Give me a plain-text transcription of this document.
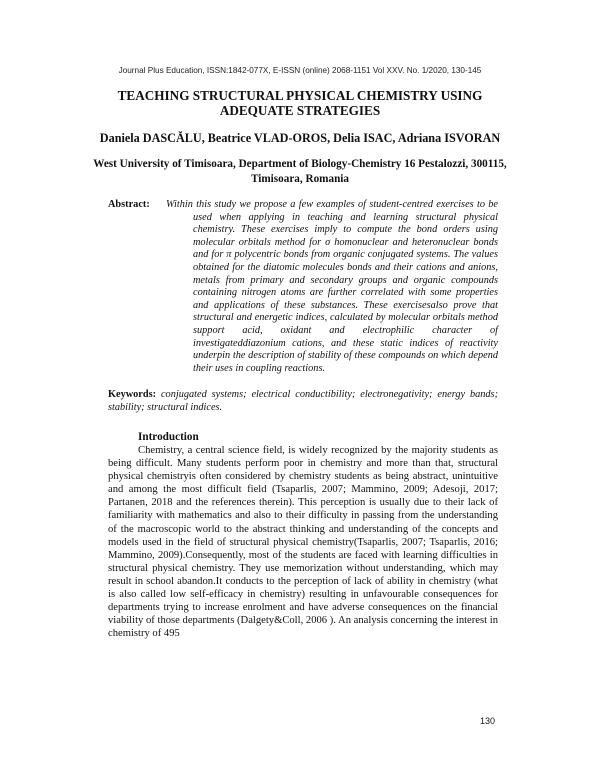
Journal Plus Education, ISSN:1842-077X, E-ISSN (online) 2068-1151 Vol XXV. No. 1/2020, 130-145
TEACHING STRUCTURAL PHYSICAL CHEMISTRY USING ADEQUATE STRATEGIES
Daniela DASCĂLU, Beatrice VLAD-OROS, Delia ISAC, Adriana ISVORAN
West University of Timisoara, Department of Biology-Chemistry 16 Pestalozzi, 300115, Timisoara, Romania
Abstract: Within this study we propose a few examples of student-centred exercises to be used when applying in teaching and learning structural physical chemistry. These exercises imply to compute the bond orders using molecular orbitals method for σ homonuclear and heteronuclear bonds and for π polycentric bonds from organic conjugated systems. The values obtained for the diatomic molecules bonds and their cations and anions, metals from primary and secondary groups and organic compounds containing nitrogen atoms are further correlated with some properties and applications of these substances. These exercisesalso prove that structural and energetic indices, calculated by molecular orbitals method support acid, oxidant and electrophilic character of investigateddiazonium cations, and these static indices of reactivity underpin the description of stability of these compounds on which depend their uses in coupling reactions.
Keywords: conjugated systems; electrical conductibility; electronegativity; energy bands; stability; structural indices.
Introduction

Chemistry, a central science field, is widely recognized by the majority students as being difficult. Many students perform poor in chemistry and more than that, structural physical chemistryis often considered by chemistry students as being abstract, unintuitive and among the most difficult field (Tsaparlis, 2007; Mammino, 2009; Adesoji, 2017; Partanen, 2018 and the references therein). This perception is usually due to their lack of familiarity with mathematics and also to their difficulty in passing from the understanding of the macroscopic world to the abstract thinking and understanding of the concepts and models used in the field of structural physical chemistry(Tsaparlis, 2007; Tsaparlis, 2016; Mammino, 2009).Consequently, most of the students are faced with learning difficulties in structural physical chemistry. They use memorization without understanding, which may result in school abandon.It conducts to the perception of lack of ability in chemistry (what is also called low self-efficacy in chemistry) resulting in unfavourable consequences for departments trying to increase enrolment and have adverse consequences on the financial viability of those departments (Dalgety&Coll, 2006 ). An analysis concerning the interest in chemistry of 495

130
